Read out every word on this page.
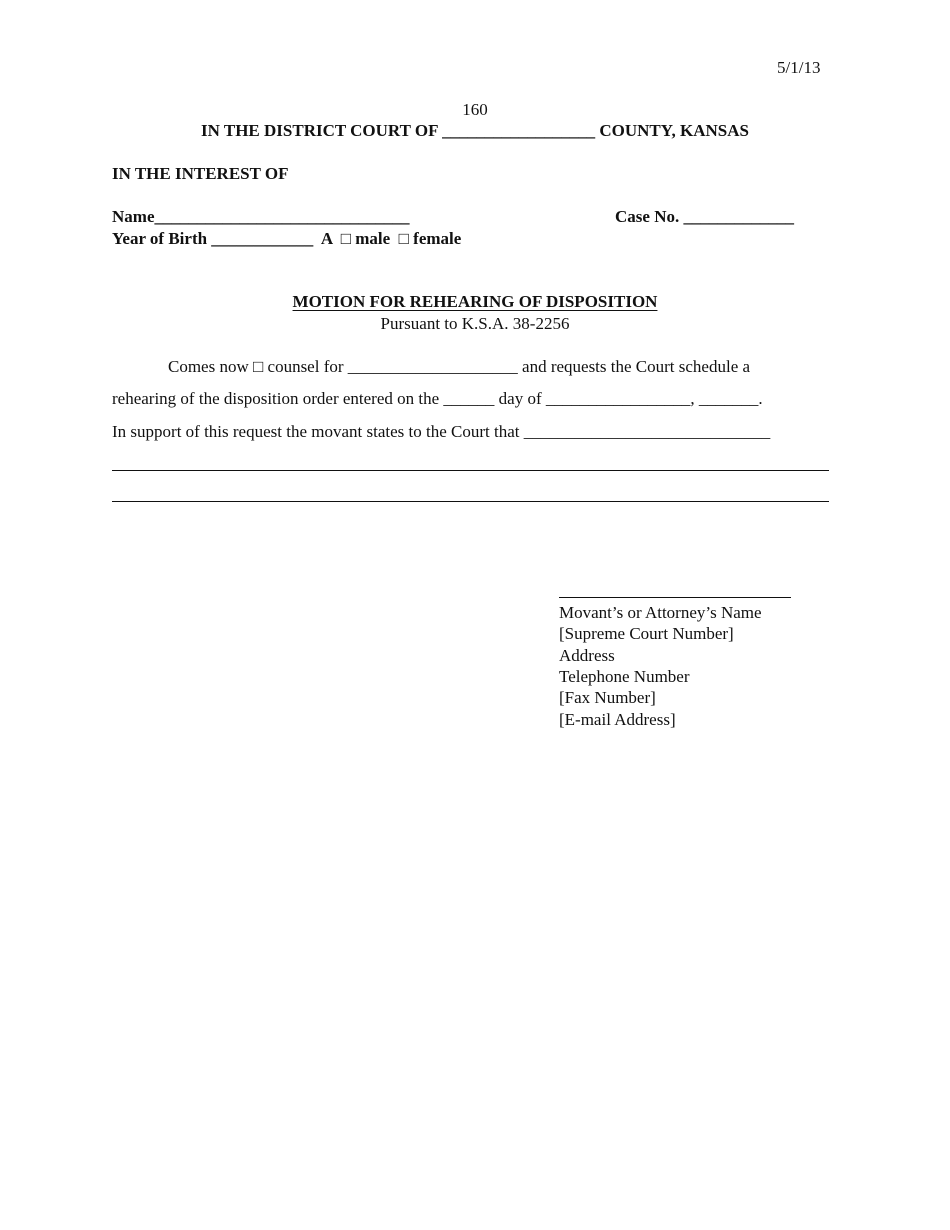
5/1/13
160
IN THE DISTRICT COURT OF __________________ COUNTY, KANSAS
IN THE INTEREST OF
Name______________________________	Case No. _____________
Year of Birth ____________  A  □ male  □ female
MOTION FOR REHEARING OF DISPOSITION
Pursuant to K.S.A. 38-2256
Comes now □ counsel for ____________________ and requests the Court schedule a
rehearing of the disposition order entered on the ______ day of _________________, _______.
In support of this request the movant states to the Court that _____________________________
Movant’s or Attorney’s Name
[Supreme Court Number]
Address
Telephone Number
[Fax Number]
[E-mail Address]
